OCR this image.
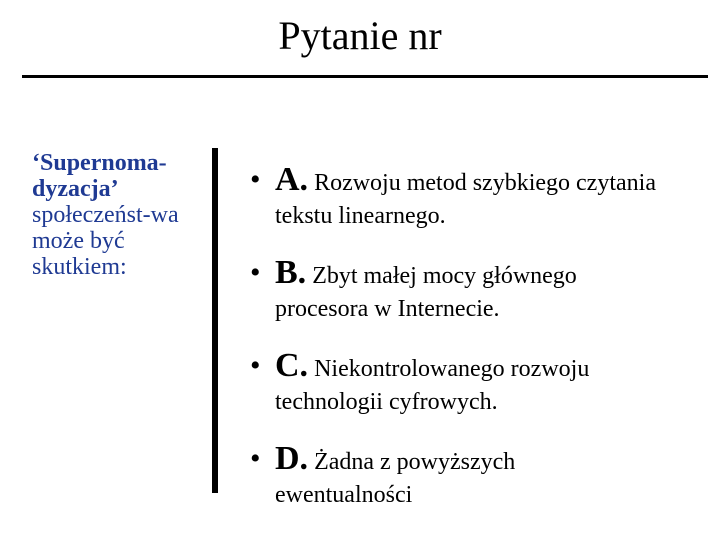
Pytanie nr
‘Supernoma-dyzacja’
społeczeńst-wa może być skutkiem:
• A. Rozwoju metod szybkiego czytania
tekstu linearnego.
• B. Zbyt małej mocy głównego
procesora w Internecie.
• C. Niekontrolowanego rozwoju
technologii cyfrowych.
• D. Żadna z powyższych
ewentualności
